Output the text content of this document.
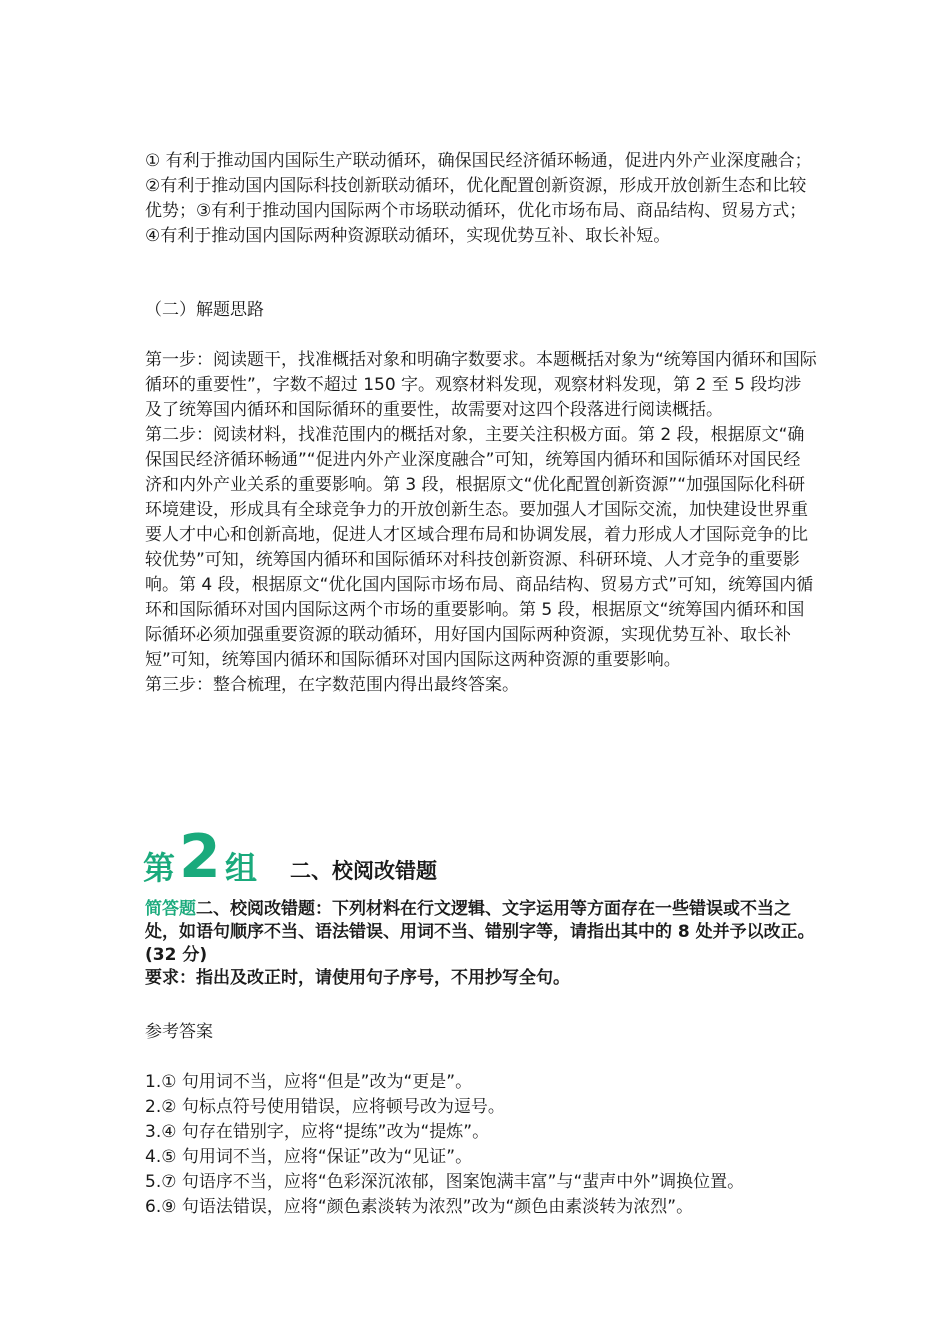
① 有利于推动国内国际生产联动循环，确保国民经济循环畅通，促进内外产业深度融合；②有利于推动国内国际科技创新联动循环，优化配置创新资源，形成开放创新生态和比较优势；③有利于推动国内国际两个市场联动循环，优化市场布局、商品结构、贸易方式；④有利于推动国内国际两种资源联动循环，实现优势互补、取长补短。

（二）解题思路

第一步：阅读题干，找准概括对象和明确字数要求。本题概括对象为“统筹国内循环和国际循环的重要性”，字数不超过 150 字。观察材料发现，观察材料发现，第 2 至 5 段均涉及了统筹国内循环和国际循环的重要性，故需要对这四个段落进行阅读概括。

第二步：阅读材料，找准范围内的概括对象，主要关注积极方面。第 2 段，根据原文“确保国民经济循环畅通”“促进内外产业深度融合”可知，统筹国内循环和国际循环对国民经济和内外产业关系的重要影响。第 3 段，根据原文“优化配置创新资源”“加强国际化科研环境建设，形成具有全球竞争力的开放创新生态。要加强人才国际交流，加快建设世界重要人才中心和创新高地，促进人才区域合理布局和协调发展，着力形成人才国际竞争的比较优势”可知，统筹国内循环和国际循环对科技创新资源、科研环境、人才竞争的重要影响。第 4 段，根据原文“优化国内国际市场布局、商品结构、贸易方式”可知，统筹国内循环和国际循环对国内国际这两个市场的重要影响。第 5 段，根据原文“统筹国内循环和国际循环必须加强重要资源的联动循环，用好国内国际两种资源，实现优势互补、取长补短”可知，统筹国内循环和国际循环对国内国际这两种资源的重要影响。

第三步：整合梳理，在字数范围内得出最终答案。

第 2 组 二、校阅改错题

简答题二、校阅改错题：下列材料在行文逻辑、文字运用等方面存在一些错误或不当之处，如语句顺序不当、语法错误、用词不当、错别字等，请指出其中的 8 处并予以改正。(32 分)

要求：指出及改正时，请使用句子序号，不用抄写全句。

参考答案

1.① 句用词不当，应将“但是”改为“更是”。

2.② 句标点符号使用错误，应将顿号改为逗号。

3.④ 句存在错别字，应将“提练”改为“提炼”。

4.⑤ 句用词不当，应将“保证”改为“见证”。

5.⑦ 句语序不当，应将“色彩深沉浓郁，图案饱满丰富”与“蜚声中外”调换位置。

6.⑨ 句语法错误，应将“颜色素淡转为浓烈”改为“颜色由素淡转为浓烈”。
